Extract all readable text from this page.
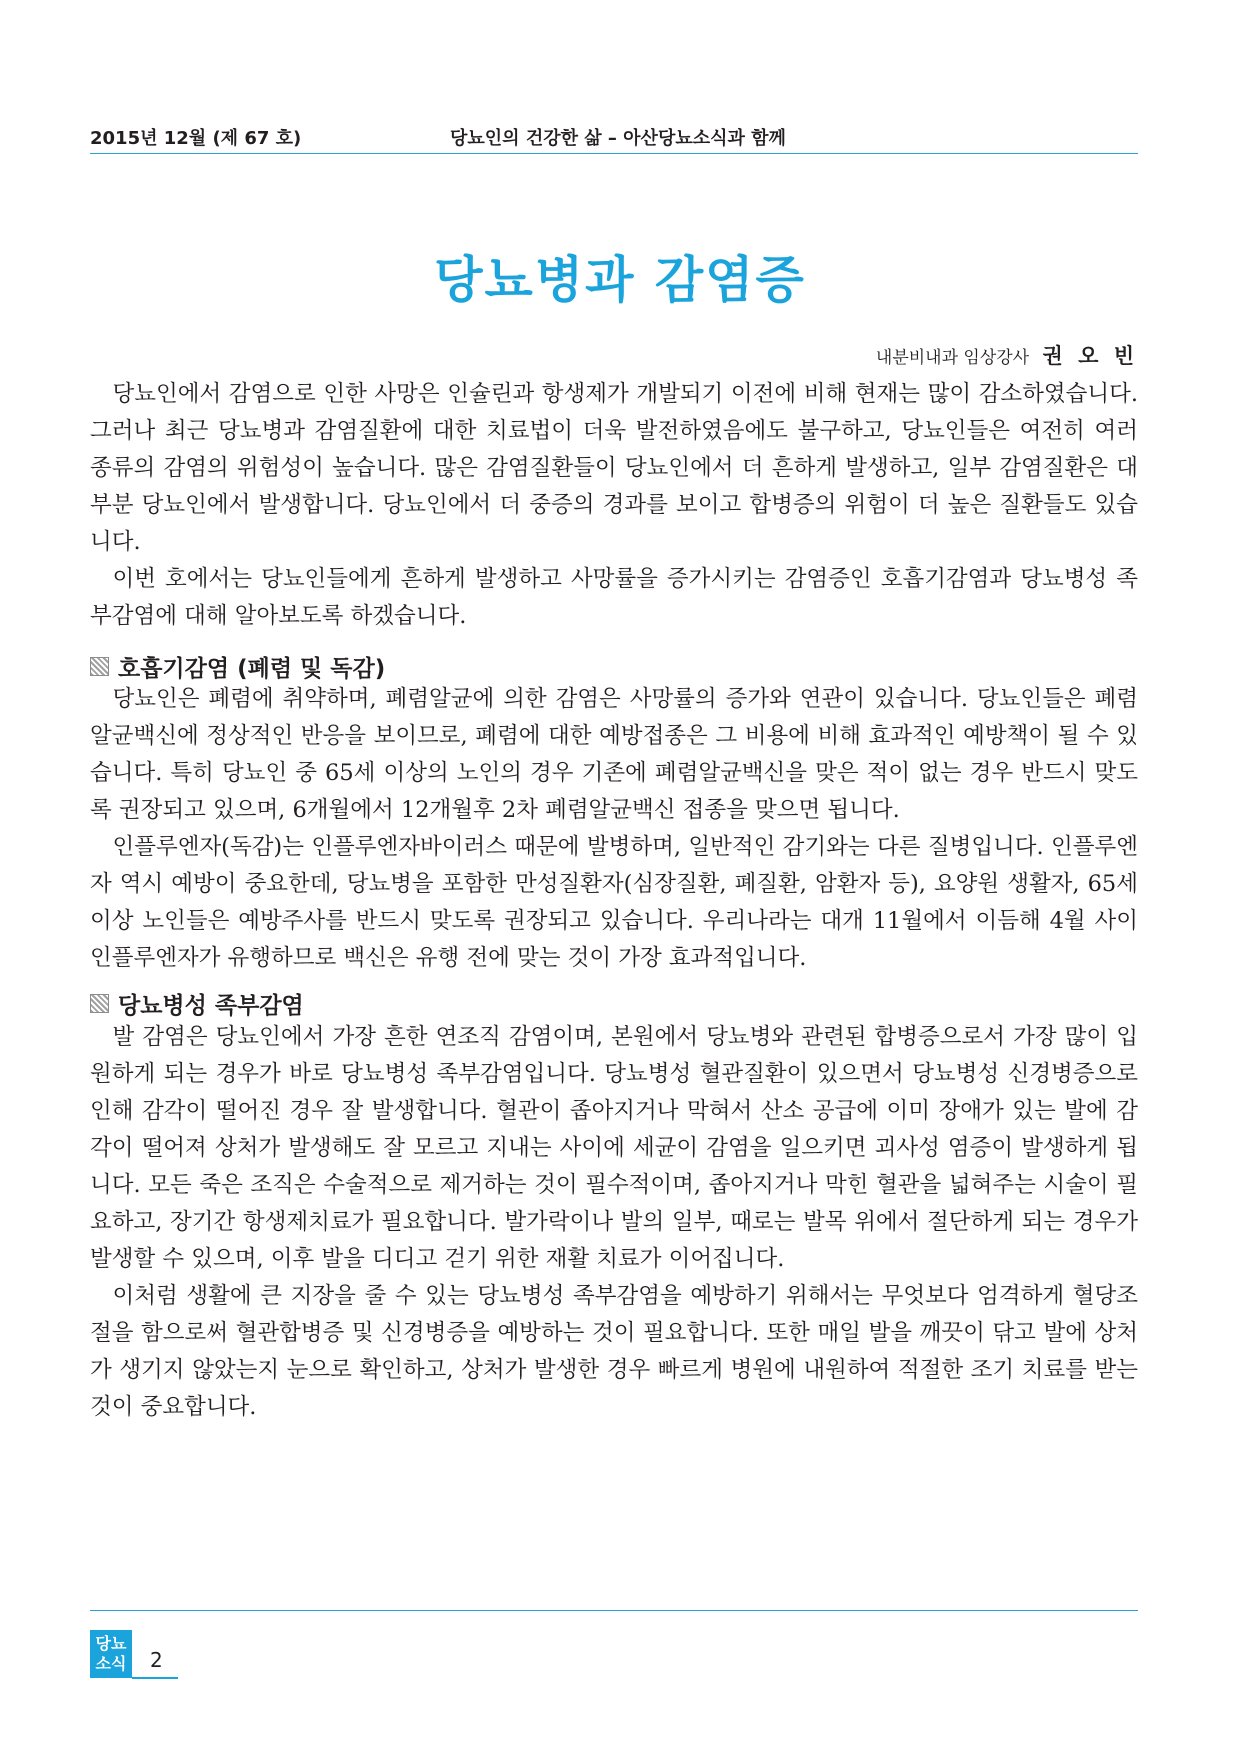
2015년 12월 (제 67 호)	당뇨인의 건강한 삶 – 아산당뇨소식과 함께
당뇨병과 감염증
내분비내과 임상강사 권 오 빈

당뇨인에서 감염으로 인한 사망은 인슐린과 항생제가 개발되기 이전에 비해 현재는 많이 감소하였습니다. 그러나 최근 당뇨병과 감염질환에 대한 치료법이 더욱 발전하였음에도 불구하고, 당뇨인들은 여전히 여러 종류의 감염의 위험성이 높습니다. 많은 감염질환들이 당뇨인에서 더 흔하게 발생하고, 일부 감염질환은 대부분 당뇨인에서 발생합니다. 당뇨인에서 더 중증의 경과를 보이고 합병증의 위험이 더 높은 질환들도 있습니다.

이번 호에서는 당뇨인들에게 흔하게 발생하고 사망률을 증가시키는 감염증인 호흡기감염과 당뇨병성 족부감염에 대해 알아보도록 하겠습니다.

호흡기감염 (폐렴 및 독감)

당뇨인은 폐렴에 취약하며, 폐렴알균에 의한 감염은 사망률의 증가와 연관이 있습니다. 당뇨인들은 폐렴알균백신에 정상적인 반응을 보이므로, 폐렴에 대한 예방접종은 그 비용에 비해 효과적인 예방책이 될 수 있습니다. 특히 당뇨인 중 65세 이상의 노인의 경우 기존에 폐렴알균백신을 맞은 적이 없는 경우 반드시 맞도록 권장되고 있으며, 6개월에서 12개월후 2차 폐렴알균백신 접종을 맞으면 됩니다.

인플루엔자(독감)는 인플루엔자바이러스 때문에 발병하며, 일반적인 감기와는 다른 질병입니다. 인플루엔자 역시 예방이 중요한데, 당뇨병을 포함한 만성질환자(심장질환, 폐질환, 암환자 등), 요양원 생활자, 65세 이상 노인들은 예방주사를 반드시 맞도록 권장되고 있습니다. 우리나라는 대개 11월에서 이듬해 4월 사이 인플루엔자가 유행하므로 백신은 유행 전에 맞는 것이 가장 효과적입니다.

당뇨병성 족부감염

발 감염은 당뇨인에서 가장 흔한 연조직 감염이며, 본원에서 당뇨병와 관련된 합병증으로서 가장 많이 입원하게 되는 경우가 바로 당뇨병성 족부감염입니다. 당뇨병성 혈관질환이 있으면서 당뇨병성 신경병증으로 인해 감각이 떨어진 경우 잘 발생합니다. 혈관이 좁아지거나 막혀서 산소 공급에 이미 장애가 있는 발에 감각이 떨어져 상처가 발생해도 잘 모르고 지내는 사이에 세균이 감염을 일으키면 괴사성 염증이 발생하게 됩니다. 모든 죽은 조직은 수술적으로 제거하는 것이 필수적이며, 좁아지거나 막힌 혈관을 넓혀주는 시술이 필요하고, 장기간 항생제치료가 필요합니다. 발가락이나 발의 일부, 때로는 발목 위에서 절단하게 되는 경우가 발생할 수 있으며, 이후 발을 디디고 걷기 위한 재활 치료가 이어집니다.

이처럼 생활에 큰 지장을 줄 수 있는 당뇨병성 족부감염을 예방하기 위해서는 무엇보다 엄격하게 혈당조절을 함으로써 혈관합병증 및 신경병증을 예방하는 것이 필요합니다. 또한 매일 발을 깨끗이 닦고 발에 상처가 생기지 않았는지 눈으로 확인하고, 상처가 발생한 경우 빠르게 병원에 내원하여 적절한 조기 치료를 받는 것이 중요합니다.

당뇨
소식 2
